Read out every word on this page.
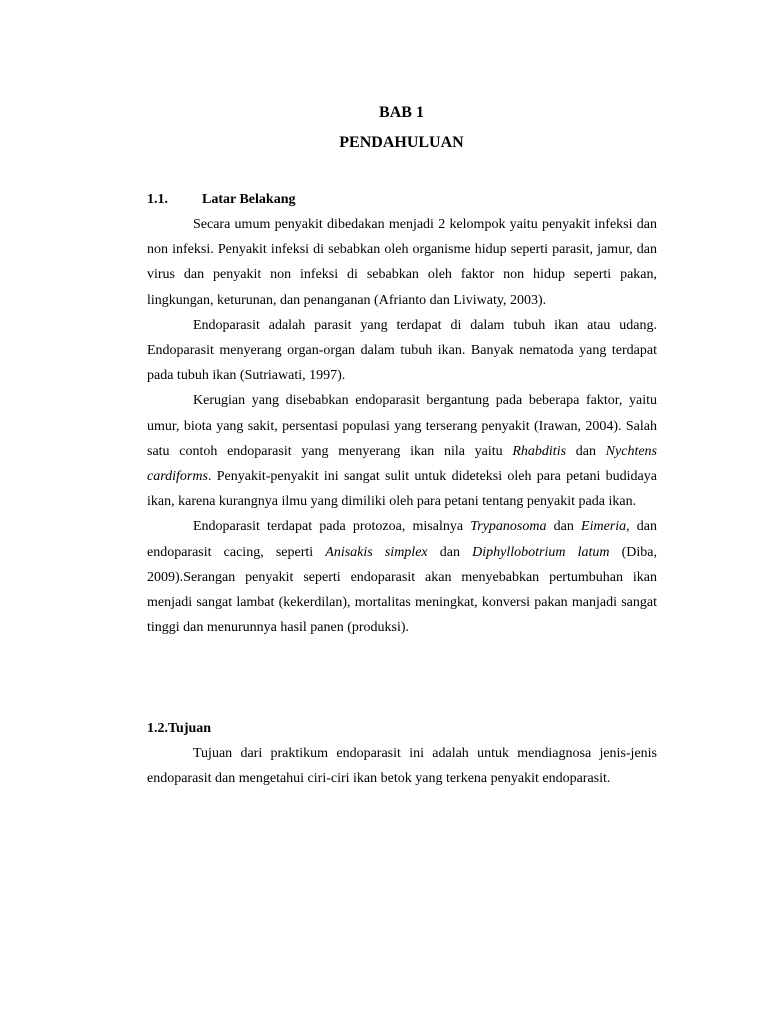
BAB 1
PENDAHULUAN
1.1. Latar Belakang

Secara umum penyakit dibedakan menjadi 2 kelompok yaitu penyakit infeksi dan non infeksi. Penyakit infeksi di sebabkan oleh organisme hidup seperti parasit, jamur, dan virus dan penyakit non infeksi di sebabkan oleh faktor non hidup seperti pakan, lingkungan, keturunan, dan penanganan (Afrianto dan Liviwaty, 2003).

Endoparasit adalah parasit yang terdapat di dalam tubuh ikan atau udang. Endoparasit menyerang organ-organ dalam tubuh ikan. Banyak nematoda yang terdapat pada tubuh ikan (Sutriawati, 1997).

Kerugian yang disebabkan endoparasit bergantung pada beberapa faktor, yaitu umur, biota yang sakit, persentasi populasi yang terserang penyakit (Irawan, 2004). Salah satu contoh endoparasit yang menyerang ikan nila yaitu Rhabditis dan Nychtens cardiforms. Penyakit-penyakit ini sangat sulit untuk dideteksi oleh para petani budidaya ikan, karena kurangnya ilmu yang dimiliki oleh para petani tentang penyakit pada ikan.

Endoparasit terdapat pada protozoa, misalnya Trypanosoma dan Eimeria, dan endoparasit cacing, seperti Anisakis simplex dan Diphyllobotrium latum (Diba, 2009).Serangan penyakit seperti endoparasit akan menyebabkan pertumbuhan ikan menjadi sangat lambat (kekerdilan), mortalitas meningkat, konversi pakan manjadi sangat tinggi dan menurunnya hasil panen (produksi).

1.2.Tujuan

Tujuan dari praktikum endoparasit ini adalah untuk mendiagnosa jenis-jenis endoparasit dan mengetahui ciri-ciri ikan betok yang terkena penyakit endoparasit.
